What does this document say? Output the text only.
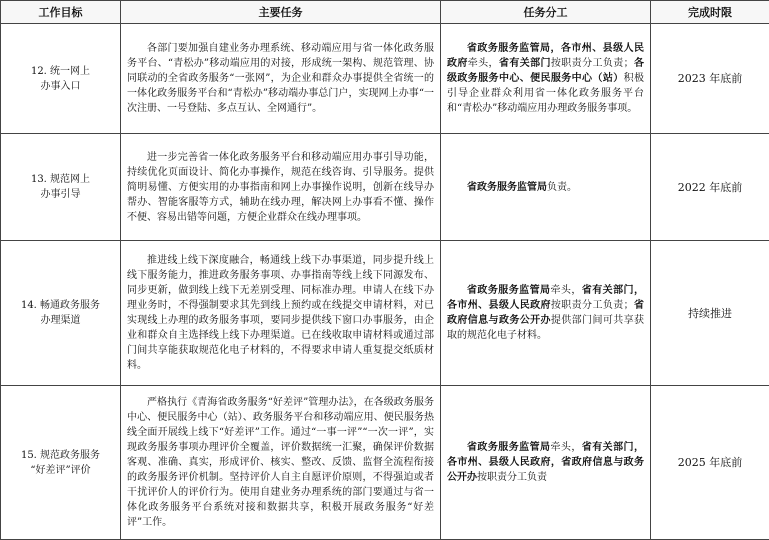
工作目标	主要任务	任务分工	完成时限

12. 统一网上
办事入口	各部门要加强自建业务办理系统、移动端应用与省一体化政务服务平台、“青松办”移动端应用的对接，形成统一架构、规范管理、协同联动的全省政务服务“一张网”，为企业和群众办事提供全省统一的一体化政务服务平台和“青松办”移动端办事总门户，实现网上办事“一次注册、一号登陆、多点互认、全网通行”。	省政务服务监管局，各市州、县级人民政府牵头，省有关部门按职责分工负责；各级政务服务中心、便民服务中心（站）积极引导企业群众利用省一体化政务服务平台和“青松办”移动端应用办理政务服务事项。	2023 年底前

13. 规范网上
办事引导	进一步完善省一体化政务服务平台和移动端应用办事引导功能，持续优化页面设计、简化办事操作，规范在线咨询、引导服务。提供简明易懂、方便实用的办事指南和网上办事操作说明，创新在线导办帮办、智能客服等方式，辅助在线办理，解决网上办事看不懂、操作不便、容易出错等问题，方便企业群众在线办理事项。	省政务服务监管局负责。	2022 年底前

14. 畅通政务服务
办理渠道	推进线上线下深度融合，畅通线上线下办事渠道，同步提升线上线下服务能力，推进政务服务事项、办事指南等线上线下同源发布、同步更新，做到线上线下无差别受理、同标准办理。申请人在线下办理业务时，不得强制要求其先到线上预约或在线提交申请材料，对已实现线上办理的政务服务事项，要同步提供线下窗口办事服务，由企业和群众自主选择线上线下办理渠道。已在线收取申请材料或通过部门间共享能获取规范化电子材料的，不得要求申请人重复提交纸质材料。	省政务服务监管局牵头，省有关部门，各市州、县级人民政府按职责分工负责；省政府信息与政务公开办提供部门间可共享获取的规范化电子材料。	持续推进

15. 规范政务服务
“好差评”评价	严格执行《青海省政务服务“好差评”管理办法》，在各级政务服务中心、便民服务中心（站）、政务服务平台和移动端应用、便民服务热线全面开展线上线下“好差评”工作。通过“一事一评”“一次一评”，实现政务服务事项办理评价全覆盖，评价数据统一汇聚，确保评价数据客观、准确、真实，形成评价、核实、整改、反馈、监督全流程衔接的政务服务评价机制。坚持评价人自主自愿评价原则，不得强迫或者干扰评价人的评价行为。使用自建业务办理系统的部门要通过与省一体化政务服务平台系统对接和数据共享，积极开展政务服务“好差评”工作。	省政务服务监管局牵头，省有关部门，各市州、县级人民政府，省政府信息与政务公开办按职责分工负责	2025 年底前
